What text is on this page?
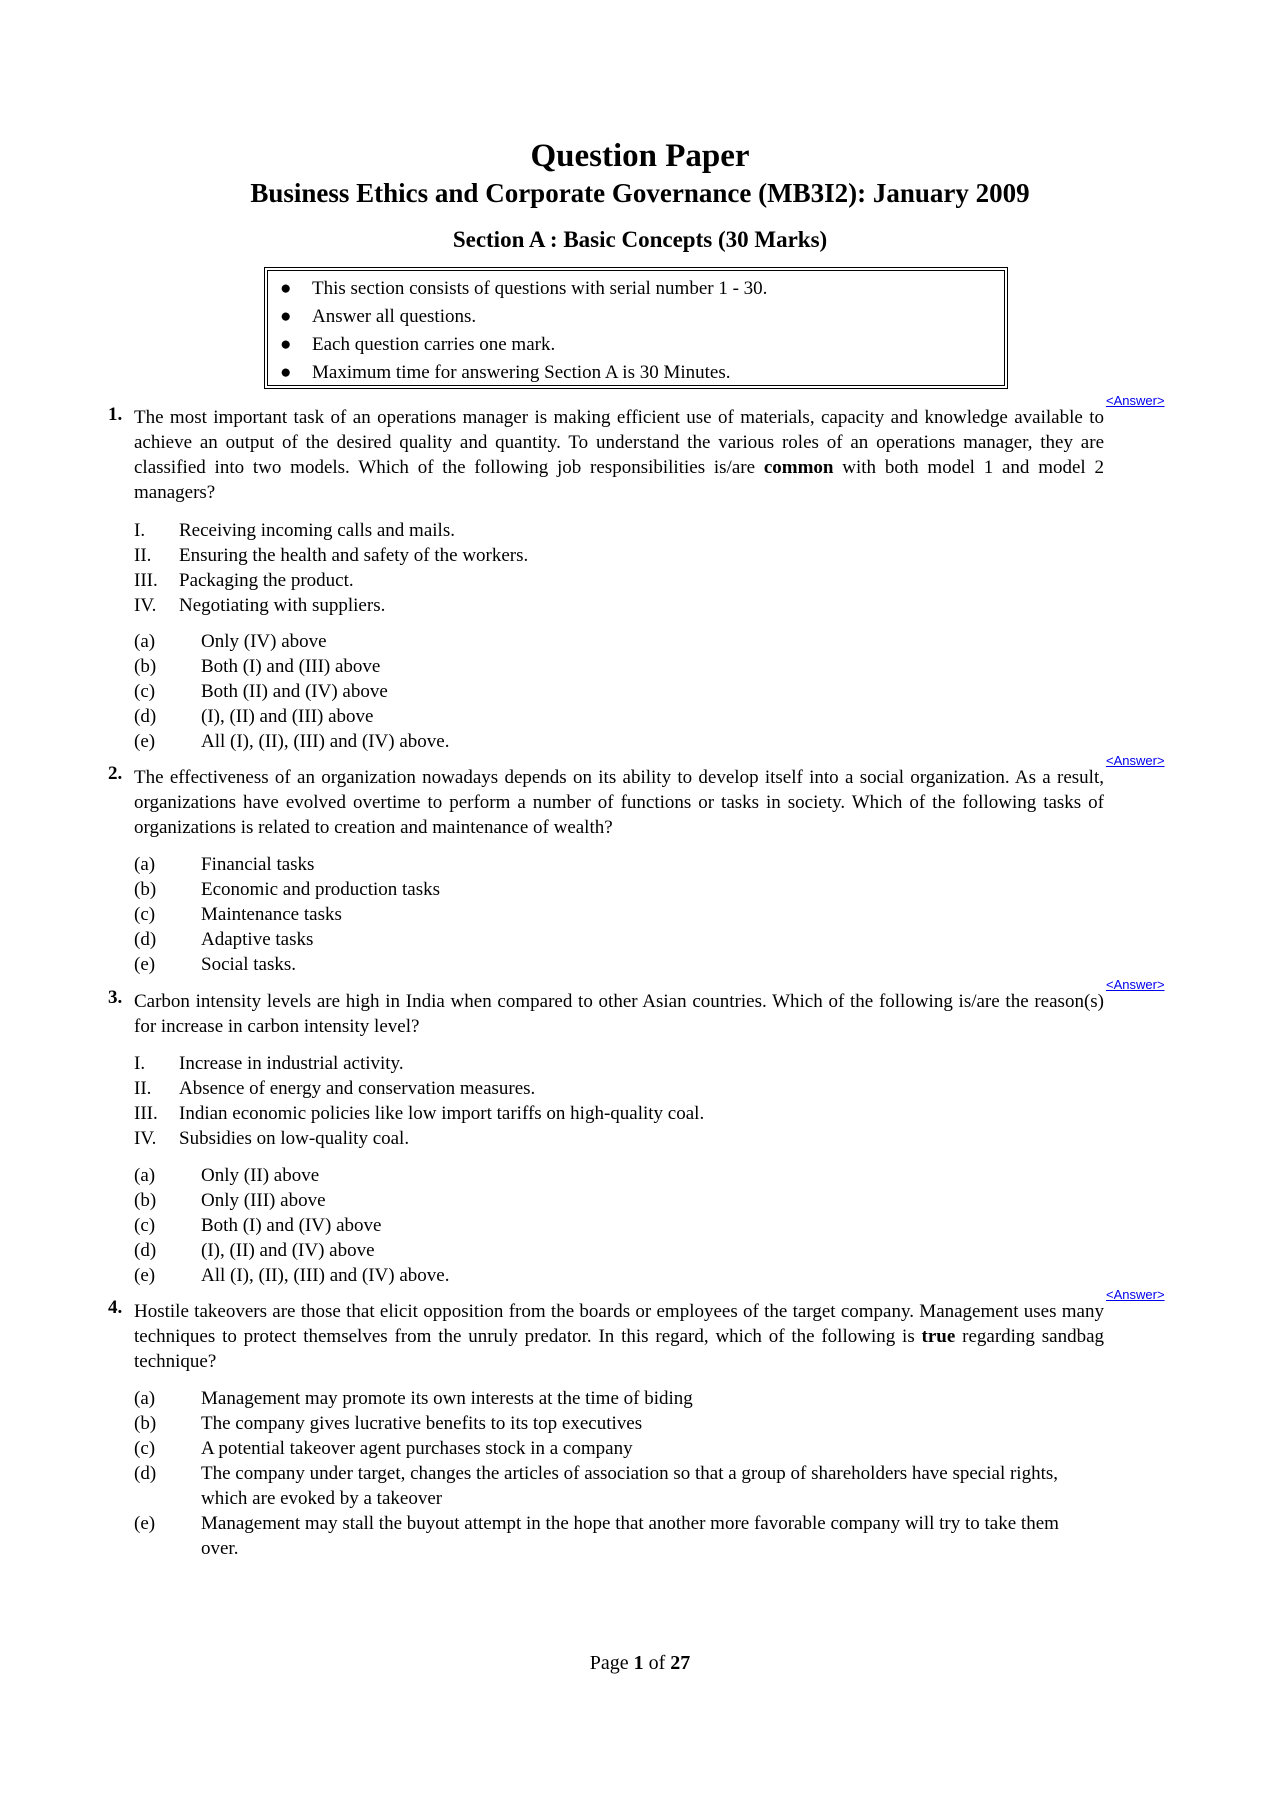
Question Paper
Business Ethics and Corporate Governance (MB3I2): January 2009
Section A : Basic Concepts (30 Marks)
●	This section consists of questions with serial number 1 - 30.
●	Answer all questions.
●	Each question carries one mark.
●	Maximum time for answering Section A is 30 Minutes.
<Answer>
1. The most important task of an operations manager is making efficient use of materials, capacity and knowledge available to achieve an output of the desired quality and quantity. To understand the various roles of an operations manager, they are classified into two models. Which of the following job responsibilities is/are common with both model 1 and model 2 managers?

I.	Receiving incoming calls and mails.
II.	Ensuring the health and safety of the workers.
III.	Packaging the product.
IV.	Negotiating with suppliers.
(a)	Only (IV) above
(b)	Both (I) and (III) above
(c)	Both (II) and (IV) above
(d)	(I), (II) and (III) above
(e)	All (I), (II), (III) and (IV) above.
<Answer>
2. The effectiveness of an organization nowadays depends on its ability to develop itself into a social organization. As a result, organizations have evolved overtime to perform a number of functions or tasks in society. Which of the following tasks of organizations is related to creation and maintenance of wealth?

(a)	Financial tasks
(b)	Economic and production tasks
(c)	Maintenance tasks
(d)	Adaptive tasks
(e)	Social tasks.
<Answer>
3. Carbon intensity levels are high in India when compared to other Asian countries. Which of the following is/are the reason(s) for increase in carbon intensity level?

I.	Increase in industrial activity.
II.	Absence of energy and conservation measures.
III.	Indian economic policies like low import tariffs on high-quality coal.
IV.	Subsidies on low-quality coal.
(a)	Only (II) above
(b)	Only (III) above
(c)	Both (I) and (IV) above
(d)	(I), (II) and (IV) above
(e)	All (I), (II), (III) and (IV) above.
<Answer>
4. Hostile takeovers are those that elicit opposition from the boards or employees of the target company. Management uses many techniques to protect themselves from the unruly predator. In this regard, which of the following is true regarding sandbag technique?

(a)	Management may promote its own interests at the time of biding
(b)	The company gives lucrative benefits to its top executives
(c)	A potential takeover agent purchases stock in a company
(d)	The company under target, changes the articles of association so that a group of shareholders have special rights, which are evoked by a takeover
(e)	Management may stall the buyout attempt in the hope that another more favorable company will try to take them over.
Page 1 of 27
